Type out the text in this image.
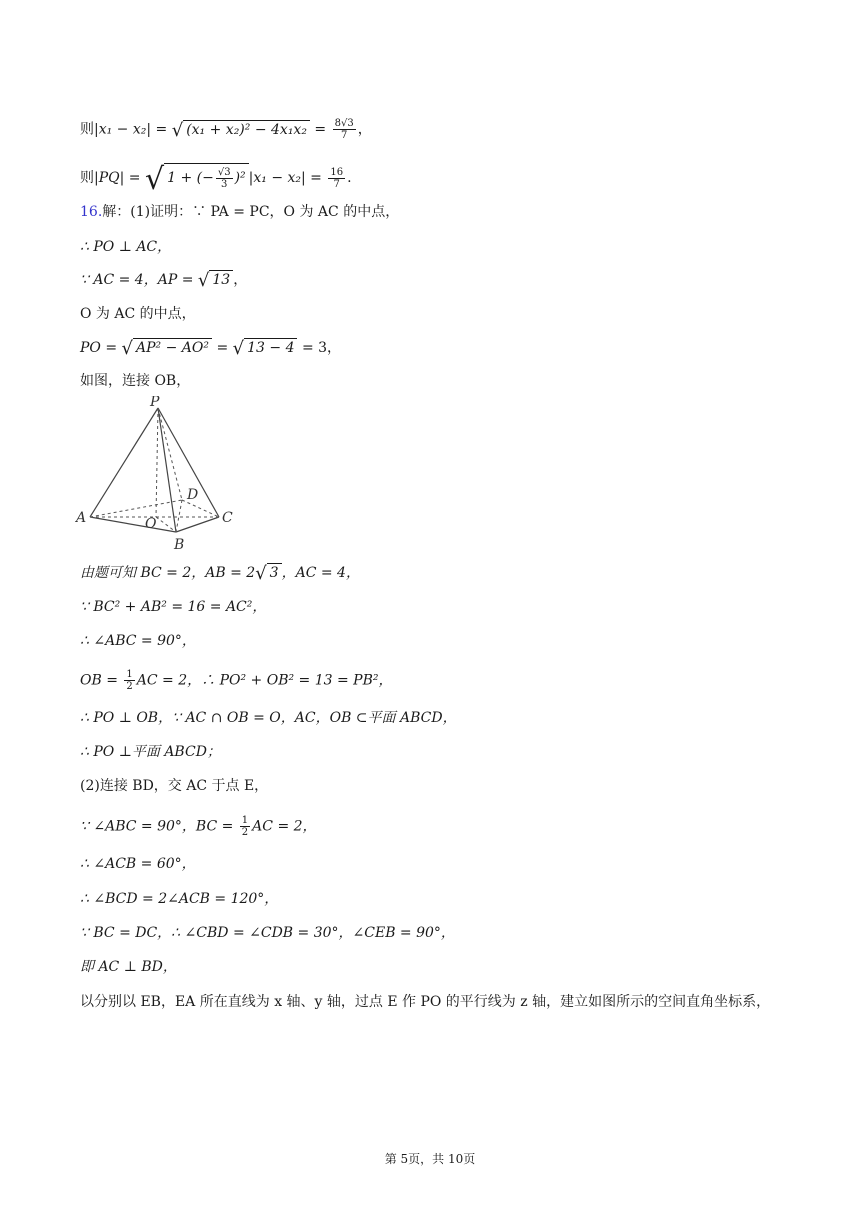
则|x₁ − x₂| = √ $(x_1 + x_2)^2 - 4x_1x_2 = \frac{8√3}{7}$ ，
则|PQ| = √ 1 + (− $\frac{√3}{3} )^2$ $|x_1 - x_2| = \frac{16}{7}$ .
16.解：(1)证明：∵ PA = PC，O 为 AC 的中点，
∴ PO ⊥ AC，
∵ AC = 4，AP = √ 13 ，
O 为 AC 的中点，
PO = √ AP² − AO² = √ 13 − 4 = 3，
如图，连接 OB，
P
A
B
C
D
O
由题可知 BC = 2，AB = 2√ 3 ，AC = 4，
∵ BC² + AB² = 16 = AC²，
∴ ∠ABC = 90°，
OB = $\frac{1}{2}$ AC = 2，∴ PO² + OB² = 13 = PB²，
∴ PO ⊥ OB，∵ AC ∩ OB = O，AC，OB ⊂平面 ABCD，
∴ PO ⊥平面 ABCD；
(2)连接 BD，交 AC 于点 E，
∵ ∠ABC = 90°，BC = $\frac{1}{2}$ AC = 2，
∴ ∠ACB = 60°，
∴ ∠BCD = 2∠ACB = 120°，
∵ BC = DC，∴ ∠CBD = ∠CDB = 30°，∠CEB = 90°，
即 AC ⊥ BD，
以分别以 EB，EA 所在直线为 x 轴、y 轴，过点 E 作 PO 的平行线为 z 轴，建立如图所示的空间直角坐标系，
第 5页，共 10页
